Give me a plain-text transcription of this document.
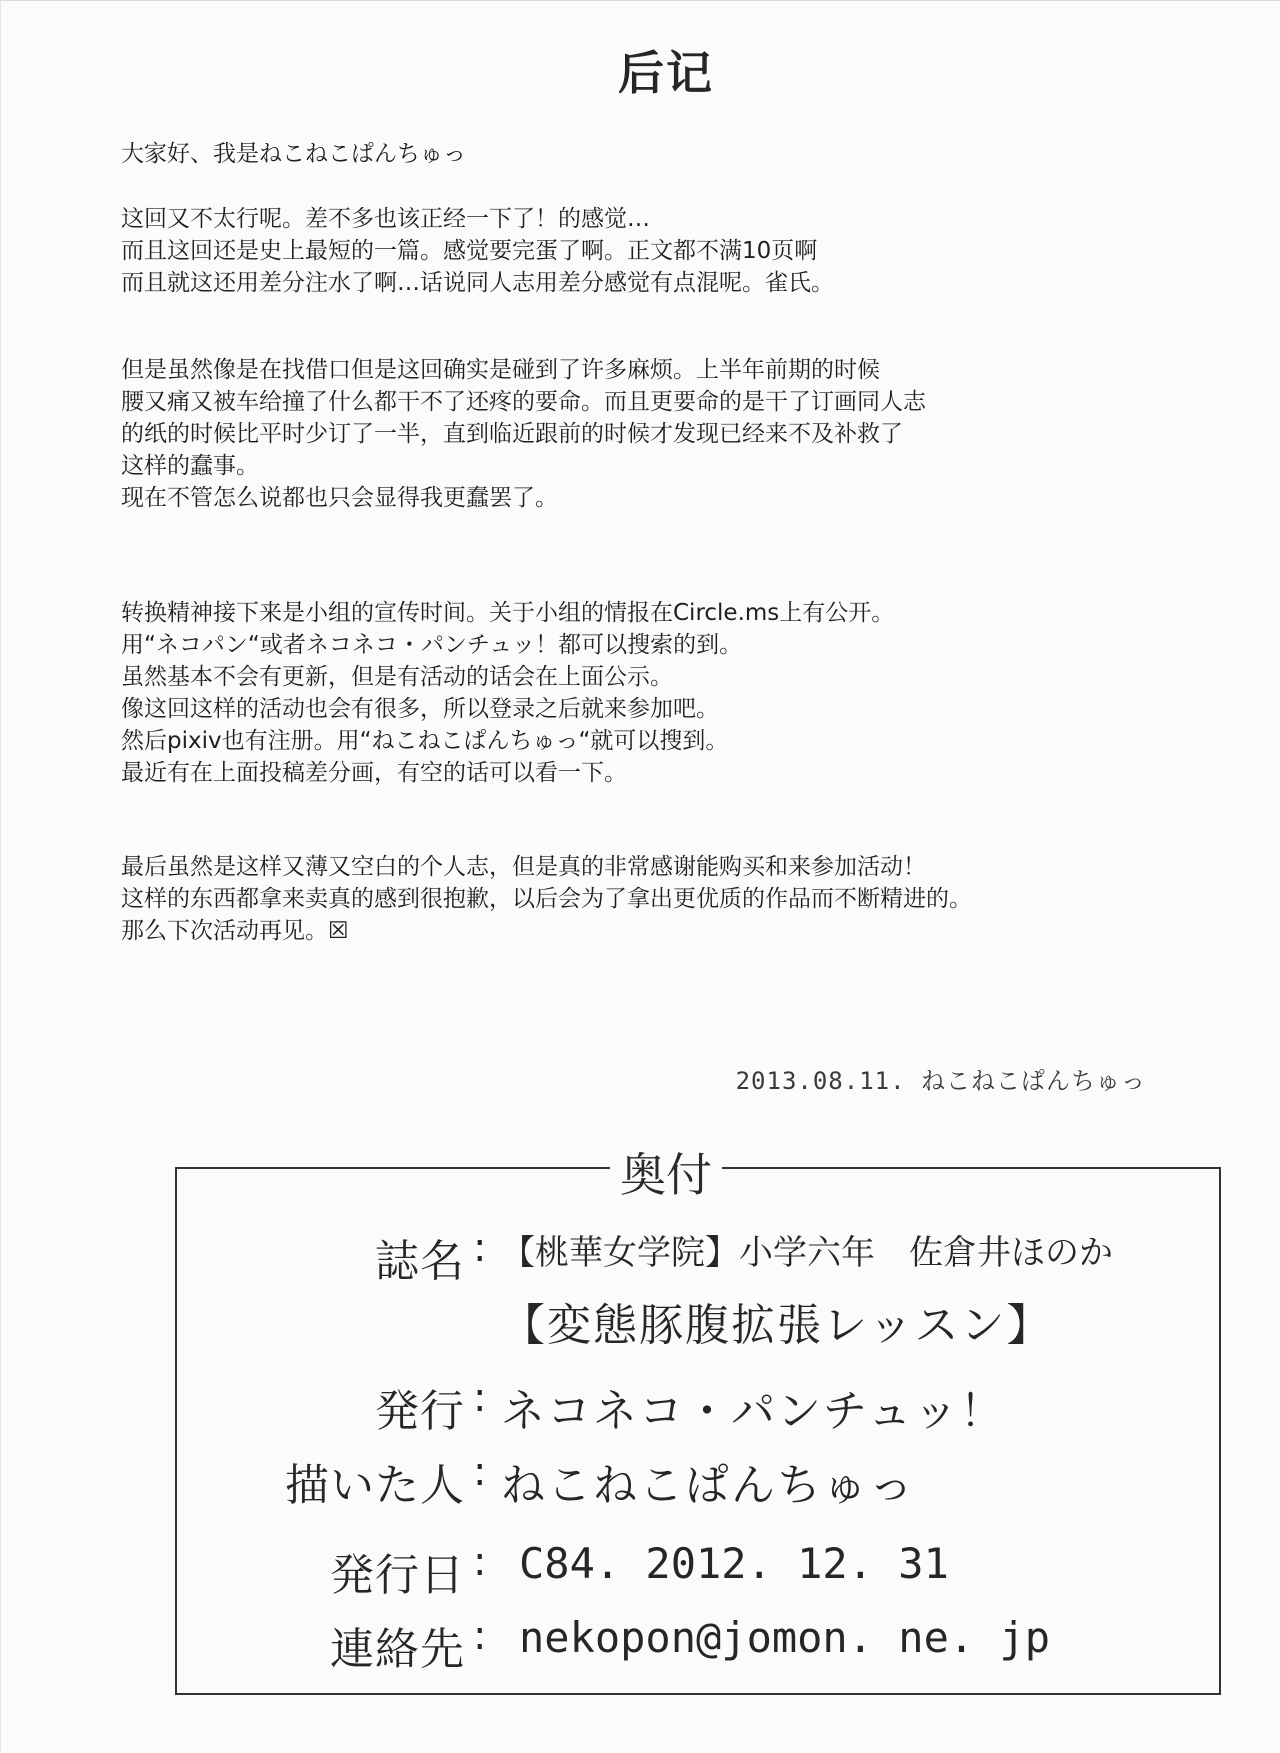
后记
大家好、我是ねこねこぱんちゅっ
这回又不太行呢。差不多也该正经一下了！的感觉…
而且这回还是史上最短的一篇。感觉要完蛋了啊。正文都不满10页啊
而且就这还用差分注水了啊…话说同人志用差分感觉有点混呢。雀氏。
但是虽然像是在找借口但是这回确实是碰到了许多麻烦。上半年前期的时候
腰又痛又被车给撞了什么都干不了还疼的要命。而且更要命的是干了订画同人志
的纸的时候比平时少订了一半，直到临近跟前的时候才发现已经来不及补救了
这样的蠢事。
现在不管怎么说都也只会显得我更蠢罢了。
转换精神接下来是小组的宣传时间。关于小组的情报在Circle.ms上有公开。
用“ネコパン“或者ネコネコ・パンチュッ！都可以搜索的到。
虽然基本不会有更新，但是有活动的话会在上面公示。
像这回这样的活动也会有很多，所以登录之后就来参加吧。
然后pixiv也有注册。用“ねこねこぱんちゅっ“就可以搜到。
最近有在上面投稿差分画，有空的话可以看一下。
最后虽然是这样又薄又空白的个人志，但是真的非常感谢能购买和来参加活动！
这样的东西都拿来卖真的感到很抱歉，以后会为了拿出更优质的作品而不断精进的。
那么下次活动再见。☒
2013.08.11. ねこねこぱんちゅっ
奥付
誌名 : 【桃華女学院】小学六年　佐倉井ほのか
【変態豚腹拡張レッスン】
発行 : ネコネコ・パンチュッ！
描いた人 : ねこねこぱんちゅっ
発行日 : C84. 2012. 12. 31
連絡先 : nekopon@jomon. ne. jp
